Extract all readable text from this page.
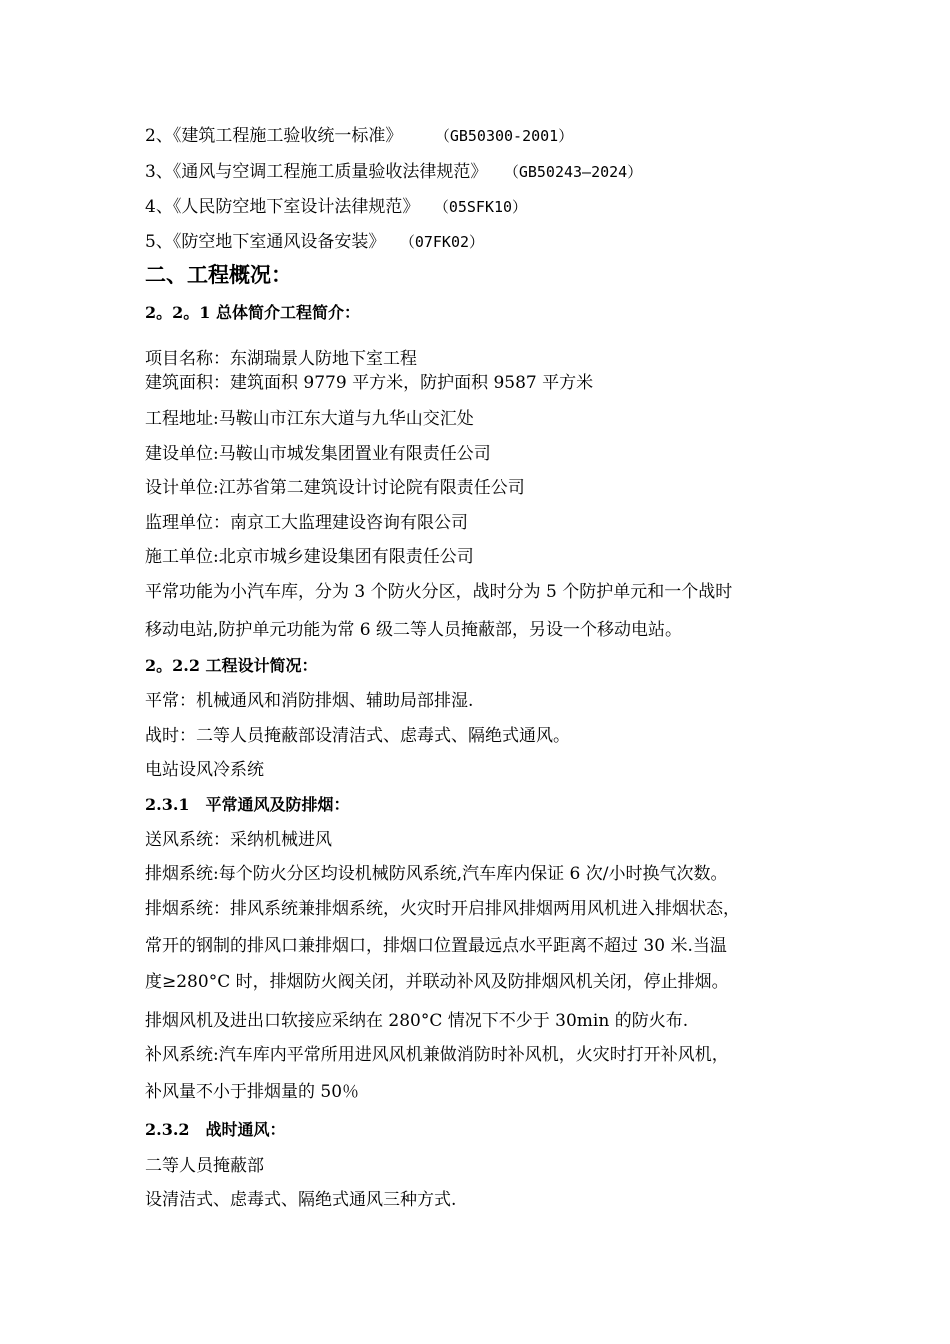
2、《建筑工程施工验收统一标准》	（GB50300-2001）
3、《通风与空调工程施工质量验收法律规范》 （GB50243—2024）
4、《人民防空地下室设计法律规范》 （05SFK10）
5、《防空地下室通风设备安装》 （07FK02）
二、工程概况：
2。2。1 总体简介工程简介：
项目名称：东湖瑞景人防地下室工程
建筑面积：建筑面积 9779 平方米，防护面积 9587 平方米
工程地址:马鞍山市江东大道与九华山交汇处
建设单位:马鞍山市城发集团置业有限责任公司
设计单位:江苏省第二建筑设计讨论院有限责任公司
监理单位：南京工大监理建设咨询有限公司
施工单位:北京市城乡建设集团有限责任公司
平常功能为小汽车库，分为 3 个防火分区，战时分为 5 个防护单元和一个战时
移动电站,防护单元功能为常 6 级二等人员掩蔽部，另设一个移动电站。
2。2.2 工程设计简况：
平常：机械通风和消防排烟、辅助局部排湿.
战时：二等人员掩蔽部设清洁式、虑毒式、隔绝式通风。
电站设风冷系统
2.3.1　平常通风及防排烟：
送风系统：采纳机械进风
排烟系统:每个防火分区均设机械防风系统,汽车库内保证 6 次/小时换气次数。
排烟系统：排风系统兼排烟系统，火灾时开启排风排烟两用风机进入排烟状态，
常开的钢制的排风口兼排烟口，排烟口位置最远点水平距离不超过 30 米.当温
度≥280°C 时，排烟防火阀关闭，并联动补风及防排烟风机关闭，停止排烟。
排烟风机及进出口软接应采纳在 280°C 情况下不少于 30min 的防火布.
补风系统:汽车库内平常所用进风风机兼做消防时补风机，火灾时打开补风机，
补风量不小于排烟量的 50％
2.3.2　战时通风：
二等人员掩蔽部
设清洁式、虑毒式、隔绝式通风三种方式.
